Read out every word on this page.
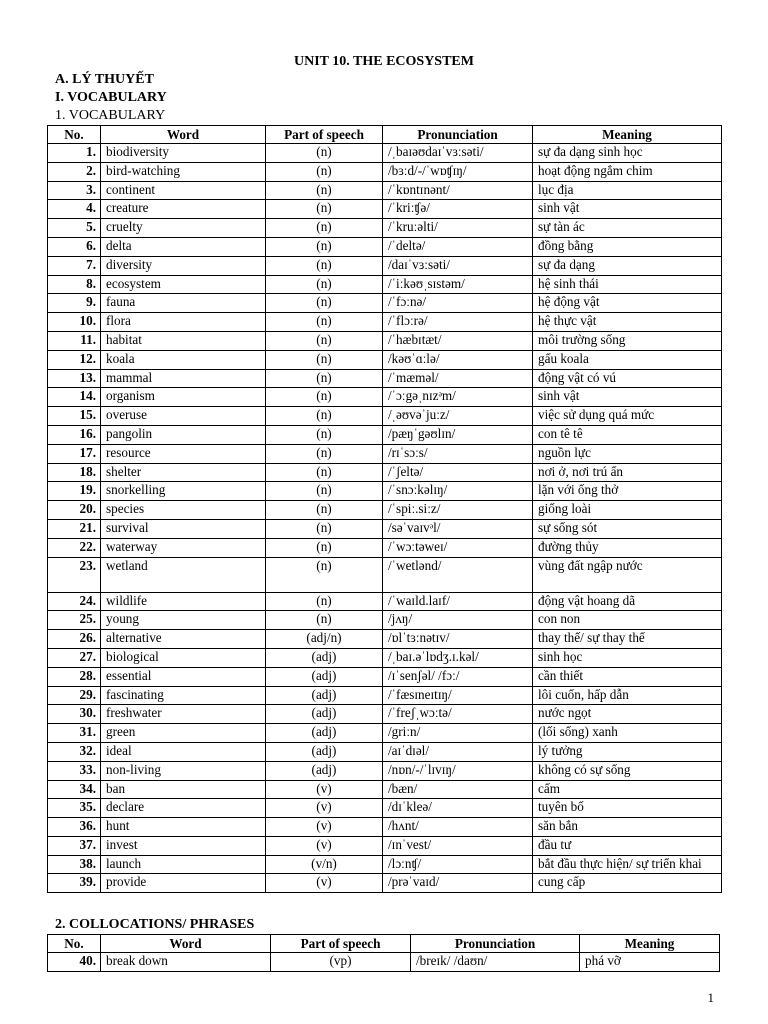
UNIT 10. THE ECOSYSTEM
A. LÝ THUYẾT
I. VOCABULARY
1. VOCABULARY
No.	Word	Part of speech	Pronunciation	Meaning
1.	biodiversity	(n)	/ˌbaɪəʊdaɪˈvɜːsəti/	sự đa dạng sinh học
2.	bird-watching	(n)	/bɜːd/-/ˈwɒʧɪŋ/	hoạt động ngắm chim
3.	continent	(n)	/ˈkɒntɪnənt/	lục địa
4.	creature	(n)	/ˈkriːʧə/	sinh vật
5.	cruelty	(n)	/ˈkruːəlti/	sự tàn ác
6.	delta	(n)	/ˈdeltə/	đồng bằng
7.	diversity	(n)	/daɪˈvɜːsəti/	sự đa dạng
8.	ecosystem	(n)	/ˈiːkəʊˌsɪstəm/	hệ sinh thái
9.	fauna	(n)	/ˈfɔːnə/	hệ động vật
10.	flora	(n)	/ˈflɔːrə/	hệ thực vật
11.	habitat	(n)	/ˈhæbɪtæt/	môi trường sống
12.	koala	(n)	/kəʊˈɑːlə/	gấu koala
13.	mammal	(n)	/ˈmæməl/	động vật có vú
14.	organism	(n)	/ˈɔːgəˌnɪzᵊm/	sinh vật
15.	overuse	(n)	/ˌəʊvəˈjuːz/	việc sử dụng quá mức
16.	pangolin	(n)	/pæŋˈgəʊlɪn/	con tê tê
17.	resource	(n)	/rɪˈsɔːs/	nguồn lực
18.	shelter	(n)	/ˈʃeltə/	nơi ở, nơi trú ẩn
19.	snorkelling	(n)	/ˈsnɔːkəlɪŋ/	lặn với ống thở
20.	species	(n)	/ˈspiː.siːz/	giống loài
21.	survival	(n)	/səˈvaɪvᵊl/	sự sống sót
22.	waterway	(n)	/ˈwɔːtəweɪ/	đường thủy
23.	wetland	(n)	/ˈwetlənd/	vùng đất ngập nước
24.	wildlife	(n)	/ˈwaɪld.laɪf/	động vật hoang dã
25.	young	(n)	/jʌŋ/	con non
26.	alternative	(adj/n)	/ɒlˈtɜːnətɪv/	thay thế/ sự thay thế
27.	biological	(adj)	/ˌbaɪ.əˈlɒdʒ.ɪ.kəl/	sinh học
28.	essential	(adj)	/ɪˈsenʃəl/ /fɔː/	cần thiết
29.	fascinating	(adj)	/ˈfæsɪneɪtɪŋ/	lôi cuốn, hấp dẫn
30.	freshwater	(adj)	/ˈfreʃˌwɔːtə/	nước ngọt
31.	green	(adj)	/griːn/	(lối sống) xanh
32.	ideal	(adj)	/aɪˈdɪəl/	lý tưởng
33.	non-living	(adj)	/nɒn/-/ˈlɪvɪŋ/	không có sự sống
34.	ban	(v)	/bæn/	cấm
35.	declare	(v)	/dɪˈkleə/	tuyên bố
36.	hunt	(v)	/hʌnt/	săn bắn
37.	invest	(v)	/ɪnˈvest/	đầu tư
38.	launch	(v/n)	/lɔːnʧ/	bắt đầu thực hiện/ sự triển khai
39.	provide	(v)	/prəˈvaɪd/	cung cấp
2. COLLOCATIONS/ PHRASES
No.	Word	Part of speech	Pronunciation	Meaning
40.	break down	(vp)	/breɪk/ /daʊn/	phá vỡ
1
